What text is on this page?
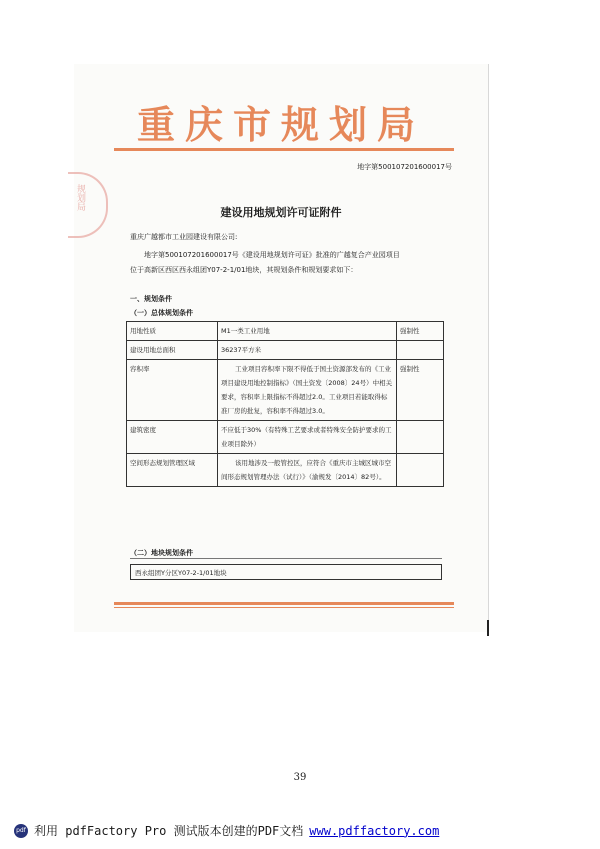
重庆市规划局
规划局
地字第500107201600017号
建设用地规划许可证附件
重庆广越都市工业园建设有限公司:
地字第500107201600017号《建设用地规划许可证》批准的广越复合产业园项目
位于高新区西区西永组团Y07-2-1/01地块，其规划条件和规划要求如下：
一、规划条件
（一）总体规划条件
用地性质	M1一类工业用地	强制性
建设用地总面积	36237平方米	
容积率	工业项目容积率下限不得低于国土资源部发布的《工业项目建设用地控制指标》（国土资发〔2008〕24号）中相关要求，容积率上限指标不得超过2.0。工业项目若能取得标准厂房的批复，容积率不得超过3.0。	强制性
建筑密度	不应低于30%（有特殊工艺要求或者特殊安全防护要求的工业项目除外）	
空间形态规划管理区域	该用地涉及一般管控区，应符合《重庆市主城区城市空间形态规划管理办法（试行）》（渝规发〔2014〕82号）。	
（二）地块规划条件
西永组团Y分区Y07-2-1/01地块
39
pdf 利用 pdfFactory Pro 测试版本创建的PDF文档 www.pdffactory.com
